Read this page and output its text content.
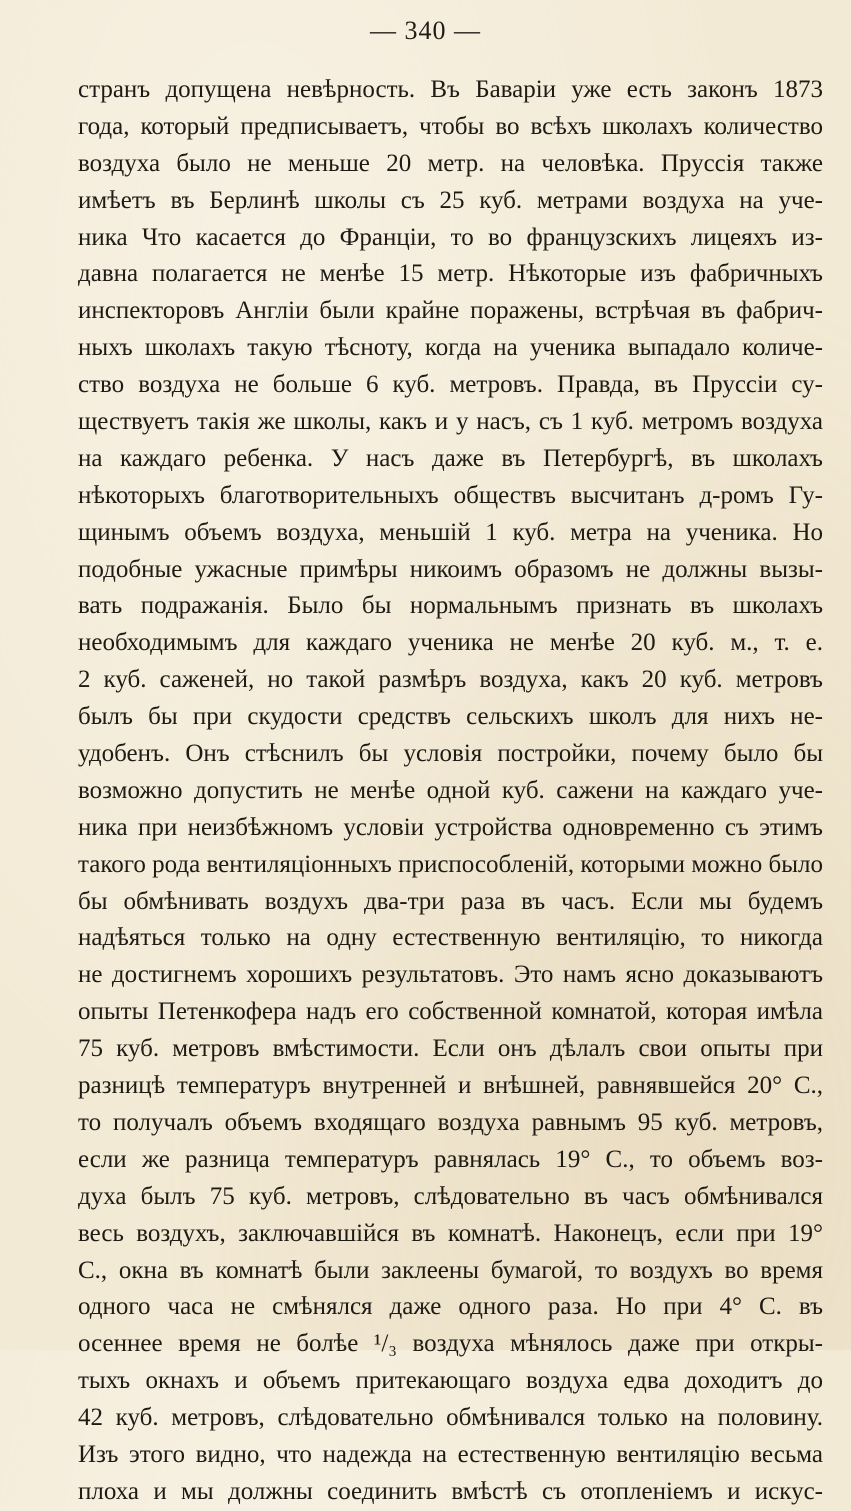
— 340 —
странъ допущена невѣрность. Въ Баваріи уже есть законъ 1873
года, который предписываетъ, чтобы во всѣхъ школахъ количество
воздуха было не меньше 20 метр. на человѣка. Пруссія также
имѣетъ въ Берлинѣ школы съ 25 куб. метрами воздуха на уче-
ника Что касается до Франціи, то во французскихъ лицеяхъ из-
давна полагается не менѣе 15 метр. Нѣкоторые изъ фабричныхъ
инспекторовъ Англіи были крайне поражены, встрѣчая въ фабрич-
ныхъ школахъ такую тѣсноту, когда на ученика выпадало количе-
ство воздуха не больше 6 куб. метровъ. Правда, въ Пруссіи су-
ществуетъ такія же школы, какъ и у насъ, съ 1 куб. метромъ воздуха
на каждаго ребенка. У насъ даже въ Петербургѣ, въ школахъ
нѣкоторыхъ благотворительныхъ обществъ высчитанъ д-ромъ Гу-
щинымъ объемъ воздуха, меньшій 1 куб. метра на ученика. Но
подобные ужасные примѣры никоимъ образомъ не должны вызы-
вать подражанія. Было бы нормальнымъ признать въ школахъ
необходимымъ для каждаго ученика не менѣе 20 куб. м., т. е.
2 куб. саженей, но такой размѣръ воздуха, какъ 20 куб. метровъ
былъ бы при скудости средствъ сельскихъ школъ для нихъ не-
удобенъ. Онъ стѣснилъ бы условія постройки, почему было бы
возможно допустить не менѣе одной куб. сажени на каждаго уче-
ника при неизбѣжномъ условіи устройства одновременно съ этимъ
такого рода вентиляціонныхъ приспособленій, которыми можно было
бы обмѣнивать воздухъ два-три раза въ часъ. Если мы будемъ
надѣяться только на одну естественную вентиляцію, то никогда
не достигнемъ хорошихъ результатовъ. Это намъ ясно доказываютъ
опыты Петенкофера надъ его собственной комнатой, которая имѣла
75 куб. метровъ вмѣстимости. Если онъ дѣлалъ свои опыты при
разницѣ температуръ внутренней и внѣшней, равнявшейся 20° С.,
то получалъ объемъ входящаго воздуха равнымъ 95 куб. метровъ,
если же разница температуръ равнялась 19° С., то объемъ воз-
духа былъ 75 куб. метровъ, слѣдовательно въ часъ обмѣнивался
весь воздухъ, заключавшійся въ комнатѣ. Наконецъ, если при 19°
С., окна въ комнатѣ были заклеены бумагой, то воздухъ во время
одного часа не смѣнялся даже одного раза. Но при 4° С. въ
осеннее время не болѣе ¹/₃ воздуха мѣнялось даже при откры-
тыхъ окнахъ и объемъ притекающаго воздуха едва доходитъ до
42 куб. метровъ, слѣдовательно обмѣнивался только на половину.
Изъ этого видно, что надежда на естественную вентиляцію весьма
плоха и мы должны соединить вмѣстѣ съ отопленіемъ и искус-
